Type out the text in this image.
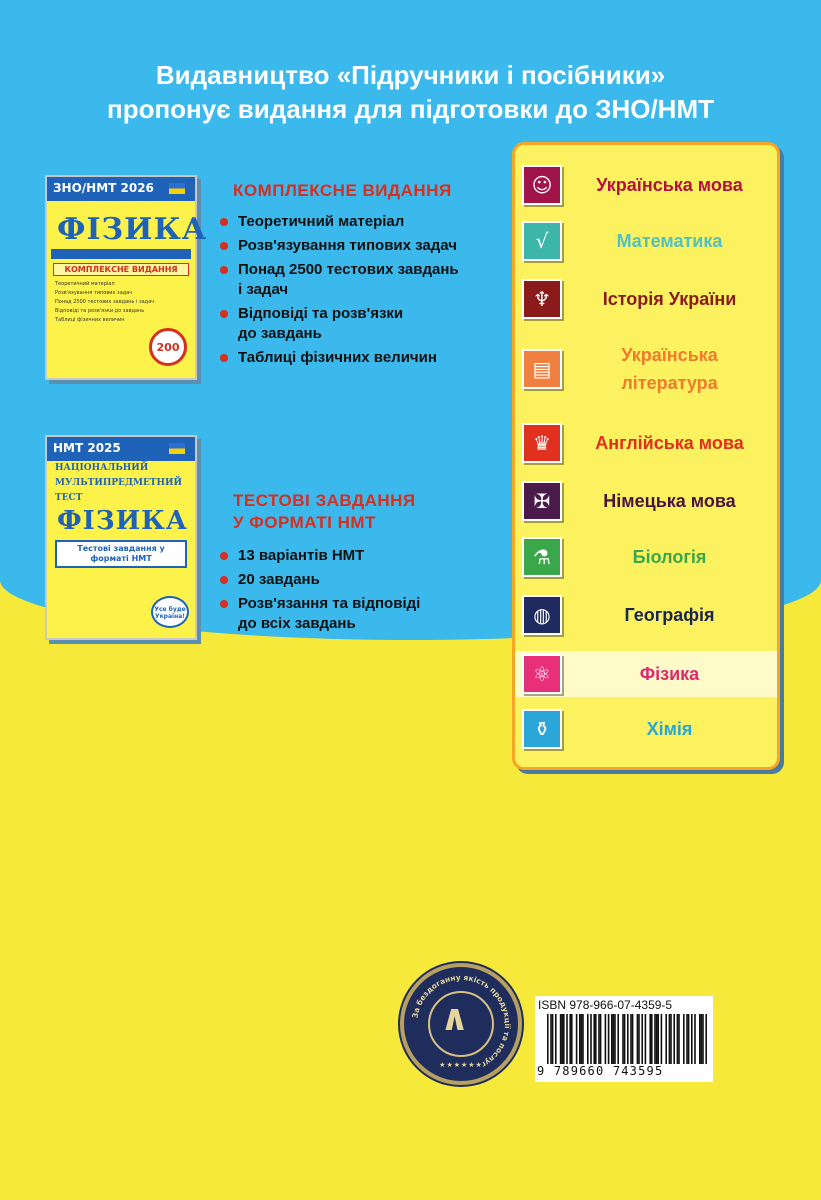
Видавництво «Підручники і посібники»
пропонує видання для підготовки до ЗНО/НМТ
ЗНО/НМТ 2026

ФІЗИКА

КОМПЛЕКСНЕ ВИДАННЯ
Теоретичний матеріал
Розв'язування типових задач
Понад 2500 тестових завдань і задач
Відповіді та розв'язки до завдань
Таблиці фізичних величин
200
КОМПЛЕКСНЕ ВИДАННЯ
Теоретичний матеріал
Розв'язування типових задач
Понад 2500 тестових завдань
і задач
Відповіді та розв'язки
до завдань
Таблиці фізичних величин
НМТ 2025
НАЦІОНАЛЬНИЙ
МУЛЬТИПРЕДМЕТНИЙ
ТЕСТ
ФІЗИКА
Тестові завдання у форматі НМТ
Усе буде Україна!
ТЕСТОВІ ЗАВДАННЯ
У ФОРМАТІ НМТ
13 варіантів НМТ
20 завдань
Розв'язання та відповіді
до всіх завдань
☺	Українська мова
√	Математика
♆	Історія України
▤
Українська
література
♛	Англійська мова
✠	Німецька мова
⚗	Біологія
◍	Географія
⚛	Фізика
⚱	Хімія
За бездоганну якість продукції та послуг
∧
★★★★★★
ISBN 978-966-07-4359-5
9 789660 743595
